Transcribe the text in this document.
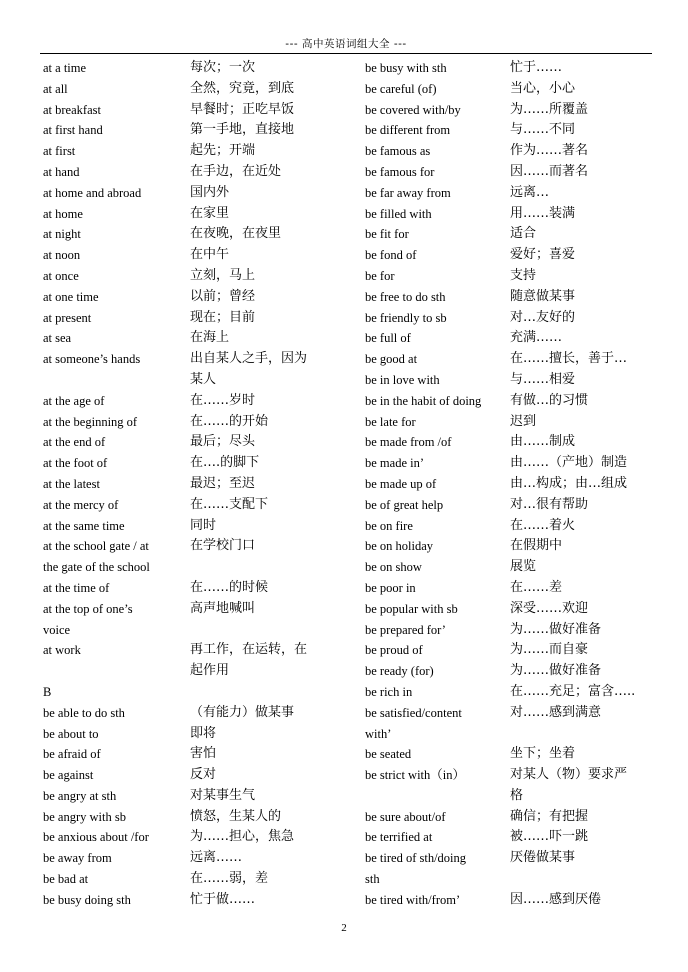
--- 高中英语词组大全 ---
at a time	每次；一次
at all	全然，究竟，到底
at breakfast	早餐时；正吃早饭
at first hand	第一手地，直接地
at first	起先；开端
at hand	在手边，在近处
at home and abroad	国内外
at home	在家里
at night	在夜晚，在夜里
at noon	在中午
at once	立刻，马上
at one time	以前；曾经
at present	现在；目前
at sea	在海上
at someone’s hands	出自某人之手，因为
某人
at the age of	在……岁时
at the beginning of	在……的开始
at the end of	最后；尽头
at the foot of	在….的脚下
at the latest	最迟；至迟
at the mercy of	在……支配下
at the same time	同时
at the school gate / at	在学校门口
the gate of the school
at the time of	在……的时候
at the top of one’s	高声地喊叫
voice
at work	再工作，在运转，在
起作用
B
be able to do sth	（有能力）做某事
be about to	即将
be afraid of	害怕
be against	反对
be angry at sth	对某事生气
be angry with sb	愤怒，生某人的
be anxious about /for	为……担心，焦急
be away from	远离……
be bad at	在……弱，差
be busy doing sth	忙于做……
be busy with sth	忙于……
be careful (of)	当心，小心
be covered with/by	为……所覆盖
be different from	与……不同
be famous as	作为……著名
be famous for	因……而著名
be far away from	远离…
be filled with	用……装满
be fit for	适合
be fond of	爱好；喜爱
be for	支持
be free to do sth	随意做某事
be friendly to sb	对…友好的
be full of	充满……
be good at	在……擅长，善于…
be in love with	与……相爱
be in the habit of doing	有做…的习惯
be late for	迟到
be made from /of	由……制成
be made in’	由……（产地）制造
be made up of	由…构成；由…组成
be of great help	对…很有帮助
be on fire	在……着火
be on holiday	在假期中
be on show	展览
be poor in	在……差
be popular with sb	深受……欢迎
be prepared for’	为……做好准备
be proud of	为……而自豪
be ready (for)	为……做好准备
be rich in	在……充足；富含…..
be satisfied/content	对……感到满意
with’
be seated	坐下；坐着
be strict with（in）	对某人（物）要求严
格
be sure about/of	确信；有把握
be terrified at	被……吓一跳
be tired of sth/doing	厌倦做某事
sth
be tired with/from’	因……感到厌倦
2
